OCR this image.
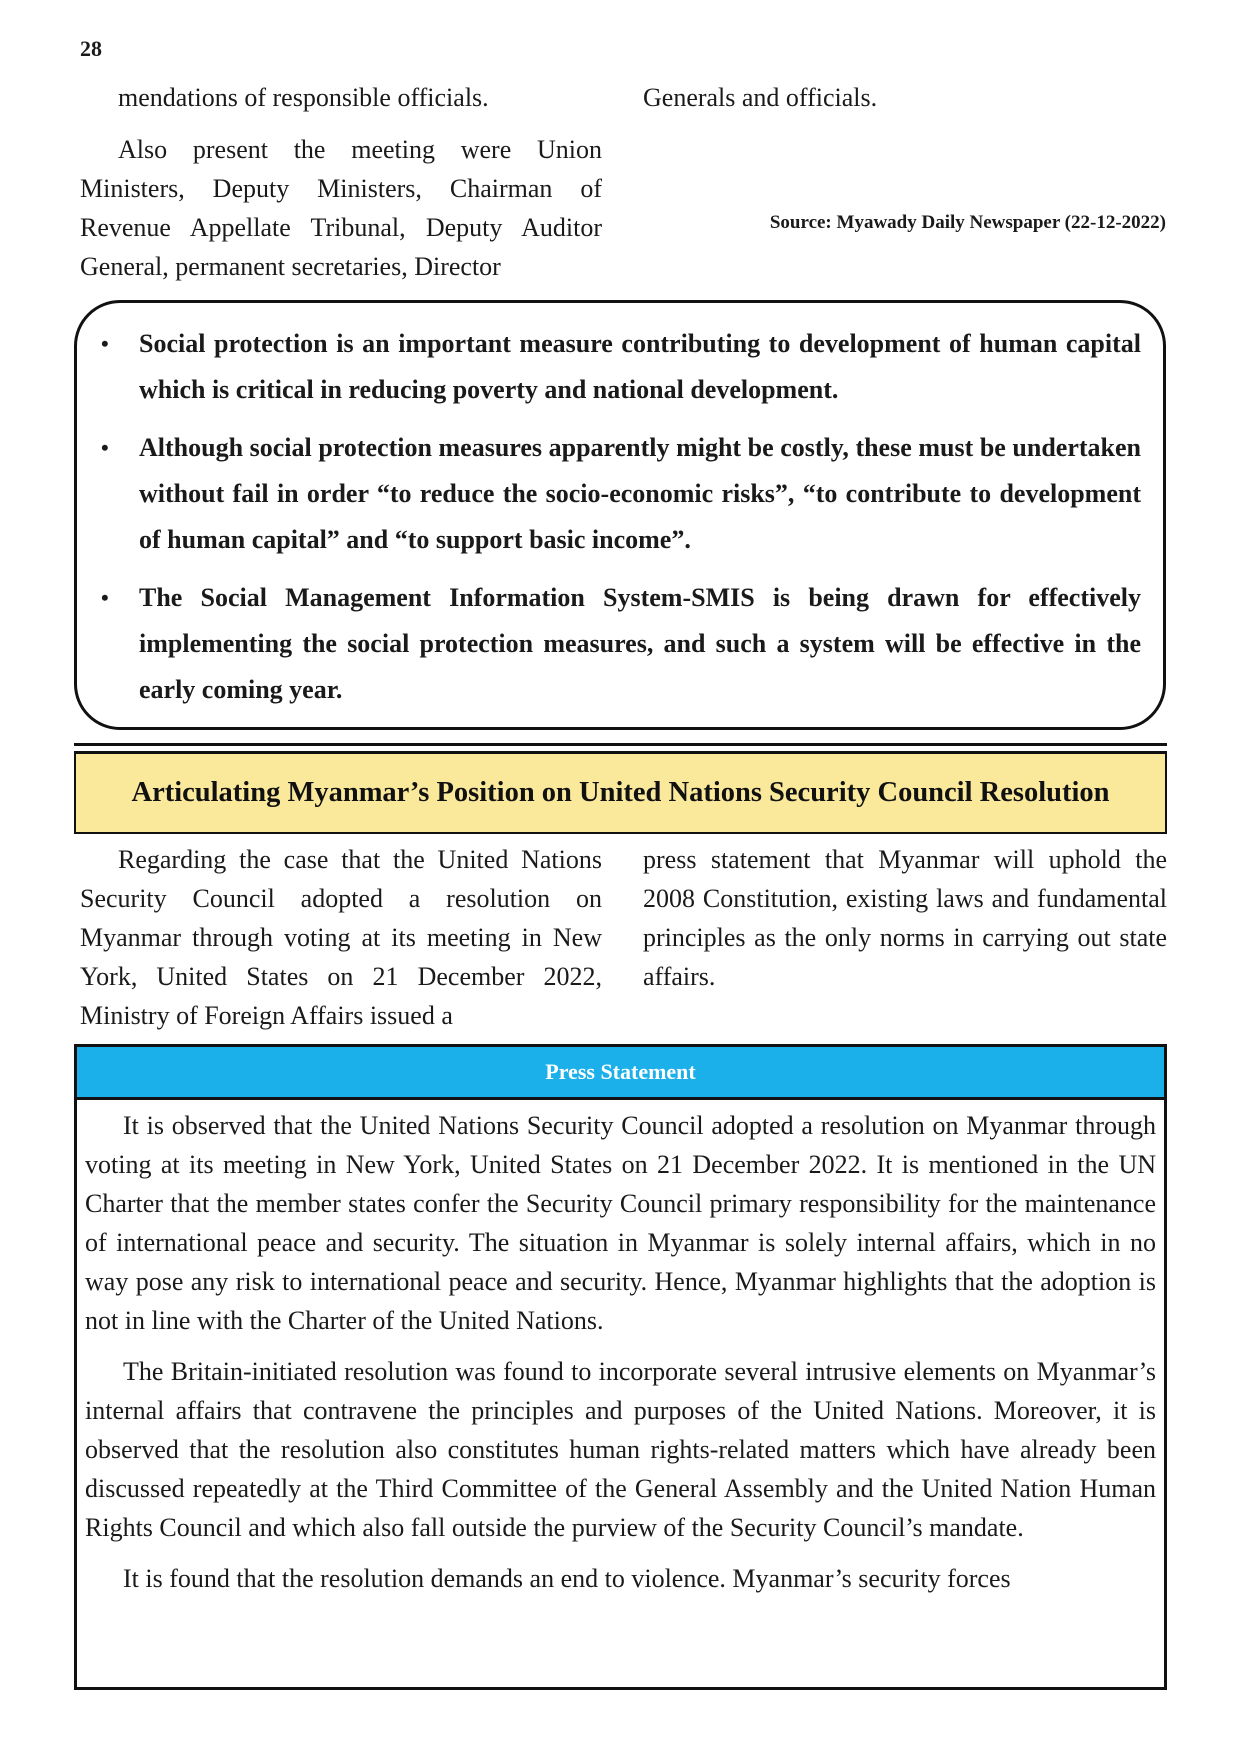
28

mendations of responsible officials.

Also present the meeting were Union Ministers, Deputy Ministers, Chairman of Revenue Appellate Tribunal, Deputy Auditor General, permanent secretaries, Director

Generals and officials.

Source: Myawady Daily Newspaper (22-12-2022)
• Social protection is an important measure contributing to development of human capital which is critical in reducing poverty and national development.
• Although social protection measures apparently might be costly, these must be undertaken without fail in order “to reduce the socio-economic risks”, “to contribute to development of human capital” and “to support basic income”.
• The Social Management Information System-SMIS is being drawn for effectively implementing the social protection measures, and such a system will be effective in the early coming year.
Articulating Myanmar’s Position on United Nations Security Council Resolution

Regarding the case that the United Nations Security Council adopted a resolution on Myanmar through voting at its meeting in New York, United States on 21 December 2022, Ministry of Foreign Affairs issued a

press statement that Myanmar will uphold the 2008 Constitution, existing laws and fundamental principles as the only norms in carrying out state affairs.

Press Statement

It is observed that the United Nations Security Council adopted a resolution on Myanmar through voting at its meeting in New York, United States on 21 December 2022. It is mentioned in the UN Charter that the member states confer the Security Council primary responsibility for the maintenance of international peace and security. The situation in Myanmar is solely internal affairs, which in no way pose any risk to international peace and security. Hence, Myanmar highlights that the adoption is not in line with the Charter of the United Nations.

The Britain-initiated resolution was found to incorporate several intrusive elements on Myanmar’s internal affairs that contravene the principles and purposes of the United Nations. Moreover, it is observed that the resolution also constitutes human rights-related matters which have already been discussed repeatedly at the Third Committee of the General Assembly and the United Nation Human Rights Council and which also fall outside the purview of the Security Council’s mandate.

It is found that the resolution demands an end to violence. Myanmar’s security forces
